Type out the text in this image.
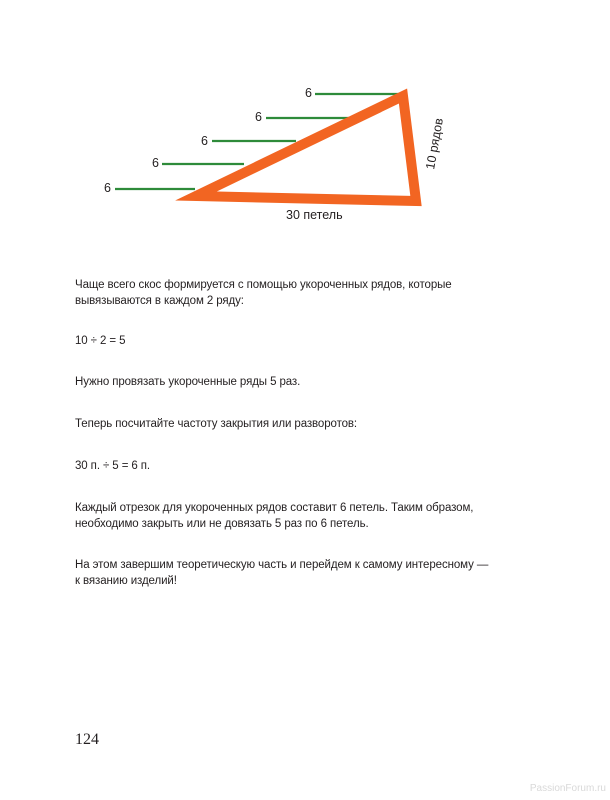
6
6
6
6
6
30 петель
10 рядов

Чаще всего скос формируется с помощью укороченных рядов, которые
вывязываются в каждом 2 ряду:

10 ÷ 2 = 5

Нужно провязать укороченные ряды 5 раз.

Теперь посчитайте частоту закрытия или разворотов:

30 п. ÷ 5 = 6 п.

Каждый отрезок для укороченных рядов составит 6 петель. Таким образом,
необходимо закрыть или не довязать 5 раз по 6 петель.

На этом завершим теоретическую часть и перейдем к самому интересному —
к вязанию изделий!

124

PassionForum.ru
